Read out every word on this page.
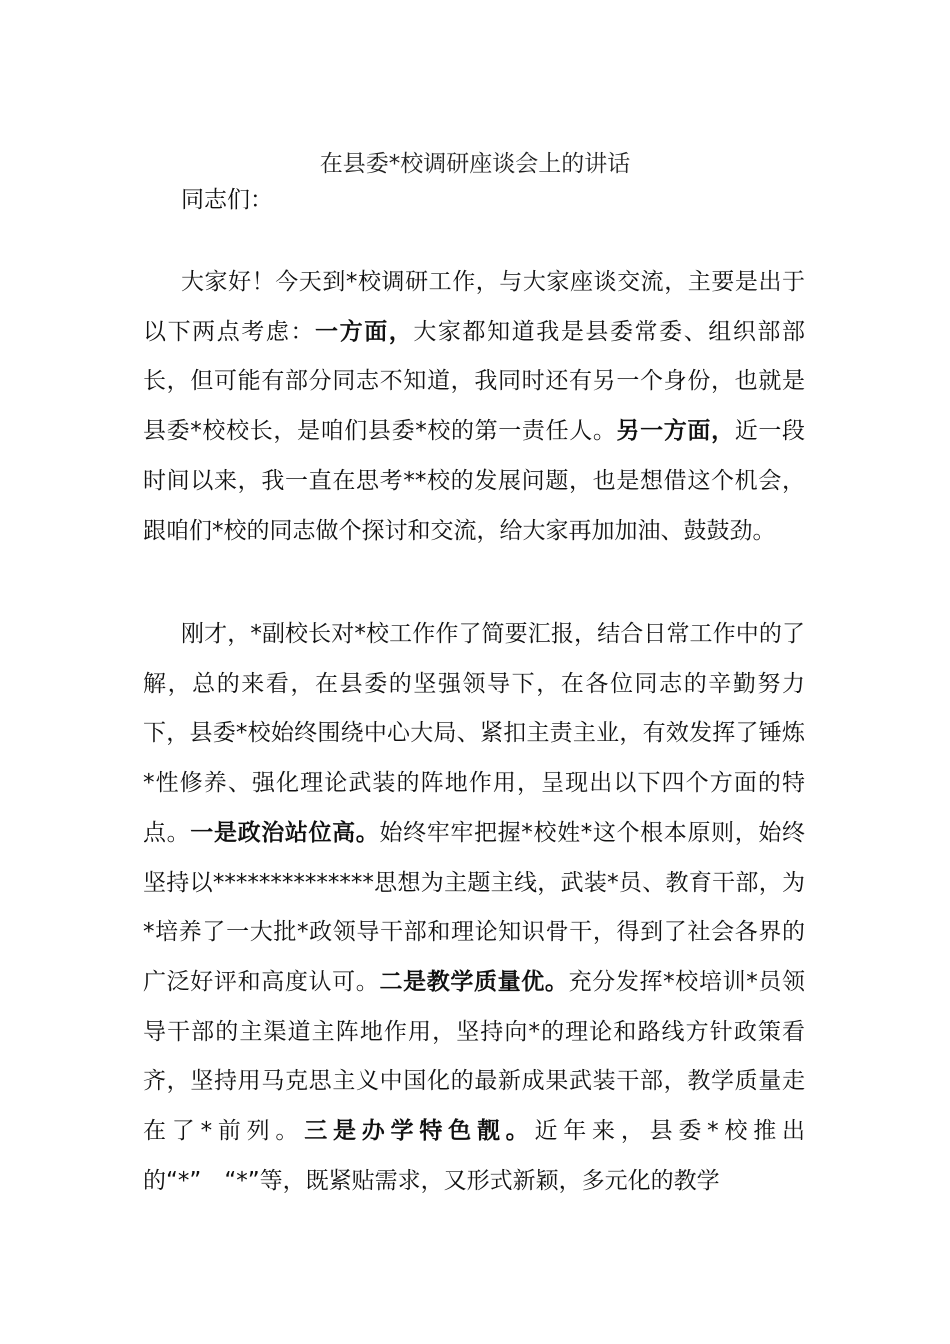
在县委*校调研座谈会上的讲话

同志们：

大家好！今天到*校调研工作，与大家座谈交流，主要是出于以下两点考虑：一方面，大家都知道我是县委常委、组织部部长，但可能有部分同志不知道，我同时还有另一个身份，也就是县委*校校长，是咱们县委*校的第一责任人。另一方面，近一段时间以来，我一直在思考**校的发展问题，也是想借这个机会，跟咱们*校的同志做个探讨和交流，给大家再加加油、鼓鼓劲。

刚才，*副校长对*校工作作了简要汇报，结合日常工作中的了解，总的来看，在县委的坚强领导下，在各位同志的辛勤努力下，县委*校始终围绕中心大局、紧扣主责主业，有效发挥了锤炼*性修养、强化理论武装的阵地作用，呈现出以下四个方面的特点。一是政治站位高。始终牢牢把握*校姓*这个根本原则，始终坚持以**************思想为主题主线，武装*员、教育干部，为*培养了一大批*政领导干部和理论知识骨干，得到了社会各界的广泛好评和高度认可。二是教学质量优。充分发挥*校培训*员领导干部的主渠道主阵地作用，坚持向*的理论和路线方针政策看齐，坚持用马克思主义中国化的最新成果武装干部，教学质量走在了*前列。三是办学特色靓。近年来，县委*校推出的“*”　“*”等，既紧贴需求，又形式新颖，多元化的教学
